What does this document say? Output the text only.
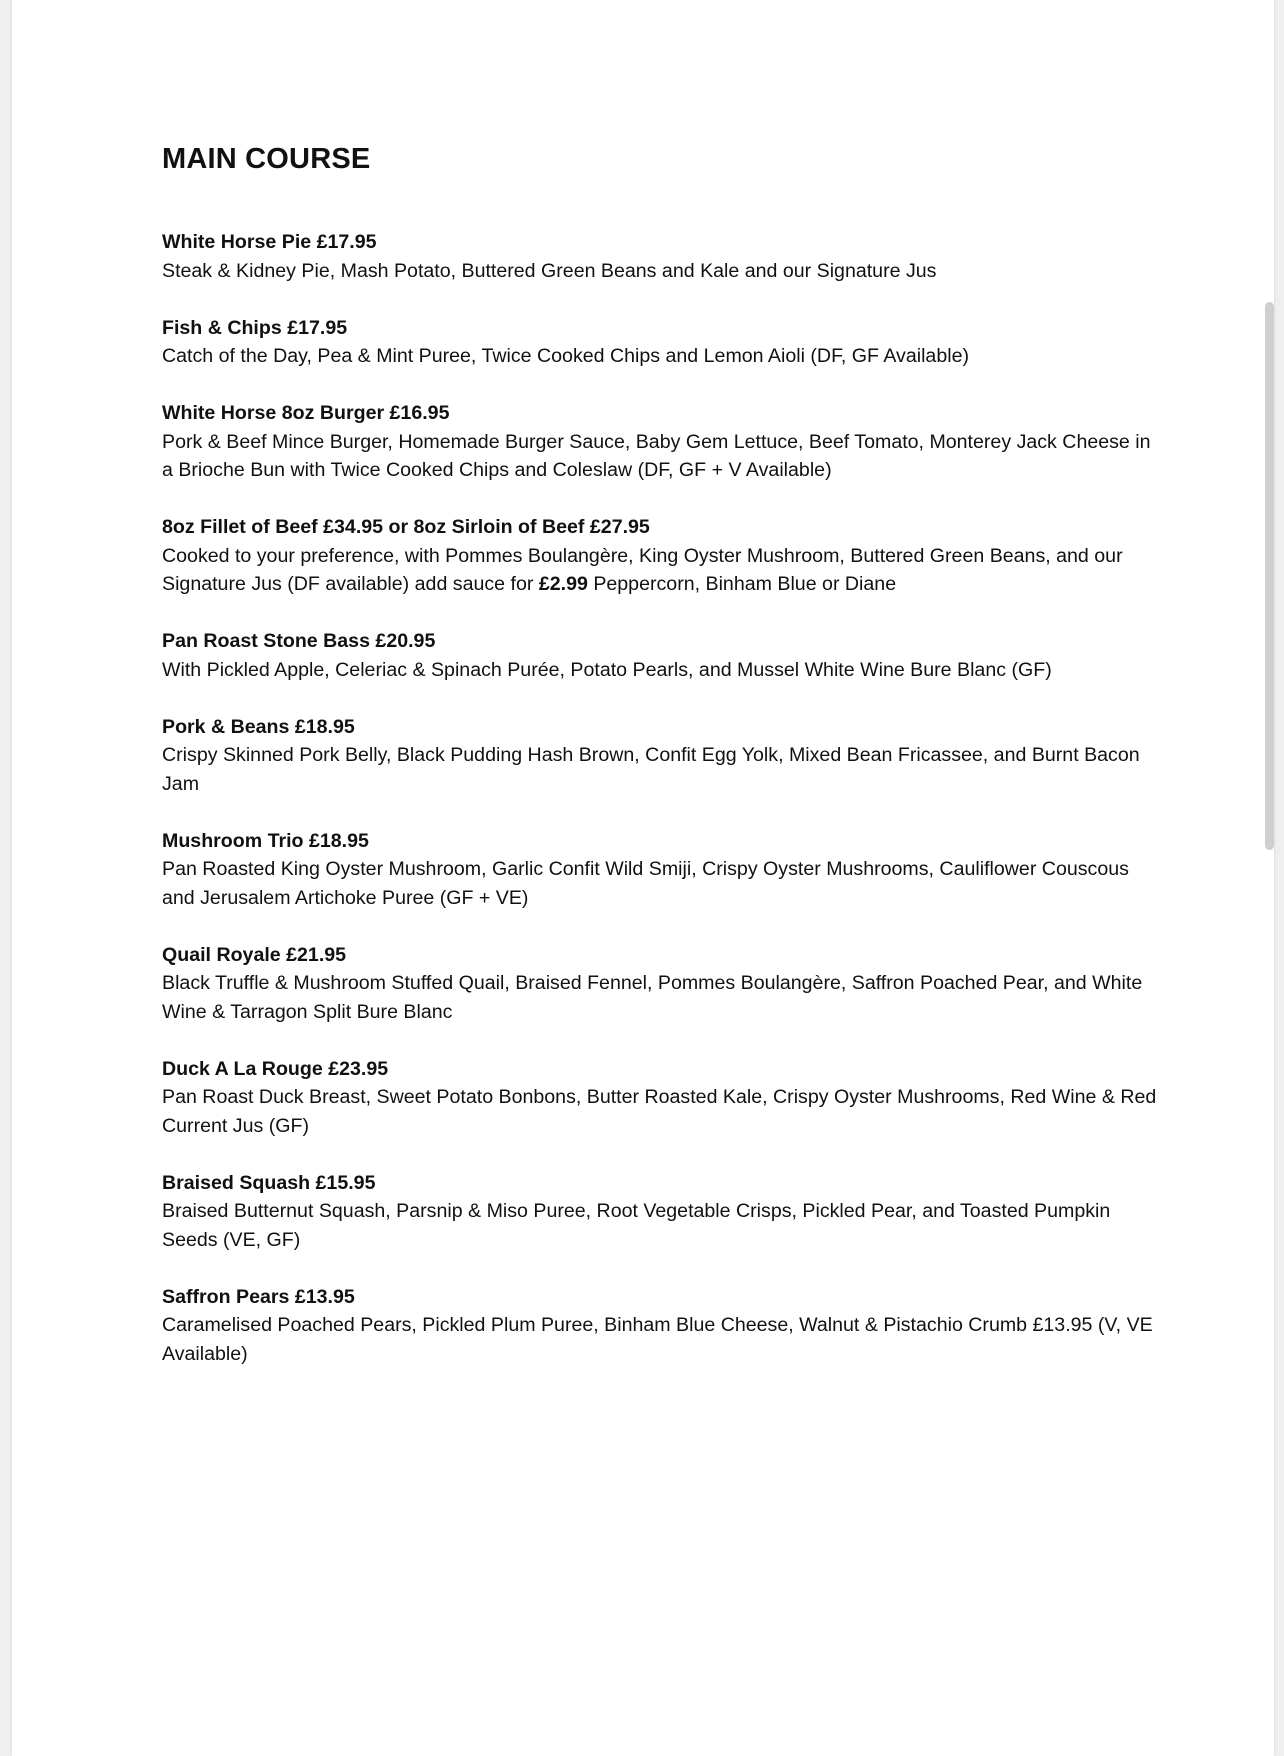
MAIN COURSE
White Horse Pie £17.95
Steak & Kidney Pie, Mash Potato, Buttered Green Beans and Kale and our Signature Jus
Fish & Chips £17.95
Catch of the Day, Pea & Mint Puree, Twice Cooked Chips and Lemon Aioli (DF, GF Available)
White Horse 8oz Burger £16.95
Pork & Beef Mince Burger, Homemade Burger Sauce, Baby Gem Lettuce, Beef Tomato, Monterey Jack Cheese in a Brioche Bun with Twice Cooked Chips and Coleslaw (DF, GF + V Available)
8oz Fillet of Beef £34.95 or 8oz Sirloin of Beef £27.95
Cooked to your preference, with Pommes Boulangère, King Oyster Mushroom, Buttered Green Beans, and our Signature Jus (DF available) add sauce for £2.99 Peppercorn, Binham Blue or Diane
Pan Roast Stone Bass £20.95
With Pickled Apple, Celeriac & Spinach Purée, Potato Pearls, and Mussel White Wine Bure Blanc (GF)
Pork & Beans £18.95
Crispy Skinned Pork Belly, Black Pudding Hash Brown, Confit Egg Yolk, Mixed Bean Fricassee, and Burnt Bacon Jam
Mushroom Trio £18.95
Pan Roasted King Oyster Mushroom, Garlic Confit Wild Smiji, Crispy Oyster Mushrooms, Cauliflower Couscous and Jerusalem Artichoke Puree (GF + VE)
Quail Royale £21.95
Black Truffle & Mushroom Stuffed Quail, Braised Fennel, Pommes Boulangère, Saffron Poached Pear, and White Wine & Tarragon Split Bure Blanc
Duck A La Rouge £23.95
Pan Roast Duck Breast, Sweet Potato Bonbons, Butter Roasted Kale, Crispy Oyster Mushrooms, Red Wine & Red Current Jus (GF)
Braised Squash £15.95
Braised Butternut Squash, Parsnip & Miso Puree, Root Vegetable Crisps, Pickled Pear, and Toasted Pumpkin Seeds (VE, GF)
Saffron Pears £13.95
Caramelised Poached Pears, Pickled Plum Puree, Binham Blue Cheese, Walnut & Pistachio Crumb £13.95 (V, VE Available)
